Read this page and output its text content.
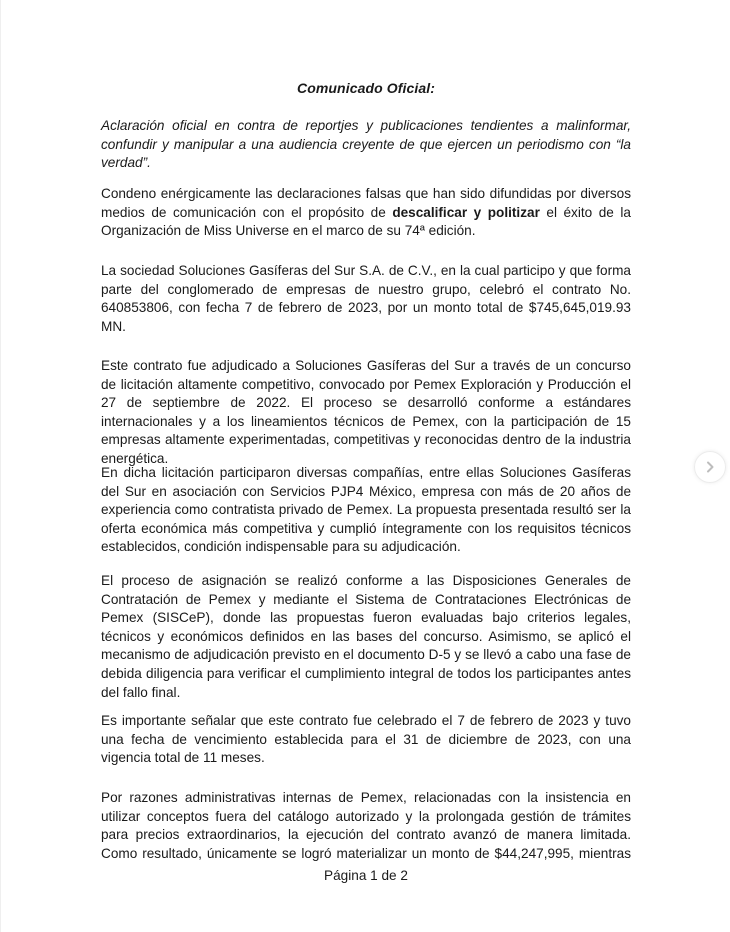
Comunicado Oficial:

Aclaración oficial en contra de reportjes y publicaciones tendientes a malinformar, confundir y manipular a una audiencia creyente de que ejercen un periodismo con “la verdad”.

Condeno enérgicamente las declaraciones falsas que han sido difundidas por diversos medios de comunicación con el propósito de descalificar y politizar el éxito de la Organización de Miss Universe en el marco de su 74ª edición.

La sociedad Soluciones Gasíferas del Sur S.A. de C.V., en la cual participo y que forma parte del conglomerado de empresas de nuestro grupo, celebró el contrato No. 640853806, con fecha 7 de febrero de 2023, por un monto total de $745,645,019.93 MN.

Este contrato fue adjudicado a Soluciones Gasíferas del Sur a través de un concurso de licitación altamente competitivo, convocado por Pemex Exploración y Producción el 27 de septiembre de 2022. El proceso se desarrolló conforme a estándares internacionales y a los lineamientos técnicos de Pemex, con la participación de 15 empresas altamente experimentadas, competitivas y reconocidas dentro de la industria energética.

En dicha licitación participaron diversas compañías, entre ellas Soluciones Gasíferas del Sur en asociación con Servicios PJP4 México, empresa con más de 20 años de experiencia como contratista privado de Pemex. La propuesta presentada resultó ser la oferta económica más competitiva y cumplió íntegramente con los requisitos técnicos establecidos, condición indispensable para su adjudicación.

El proceso de asignación se realizó conforme a las Disposiciones Generales de Contratación de Pemex y mediante el Sistema de Contrataciones Electrónicas de Pemex (SISCeP), donde las propuestas fueron evaluadas bajo criterios legales, técnicos y económicos definidos en las bases del concurso. Asimismo, se aplicó el mecanismo de adjudicación previsto en el documento D-5 y se llevó a cabo una fase de debida diligencia para verificar el cumplimiento integral de todos los participantes antes del fallo final.

Es importante señalar que este contrato fue celebrado el 7 de febrero de 2023 y tuvo una fecha de vencimiento establecida para el 31 de diciembre de 2023, con una vigencia total de 11 meses.

Por razones administrativas internas de Pemex, relacionadas con la insistencia en utilizar conceptos fuera del catálogo autorizado y la prolongada gestión de trámites para precios extraordinarios, la ejecución del contrato avanzó de manera limitada. Como resultado, únicamente se logró materializar un monto de $44,247,995, mientras

Página 1 de 2
